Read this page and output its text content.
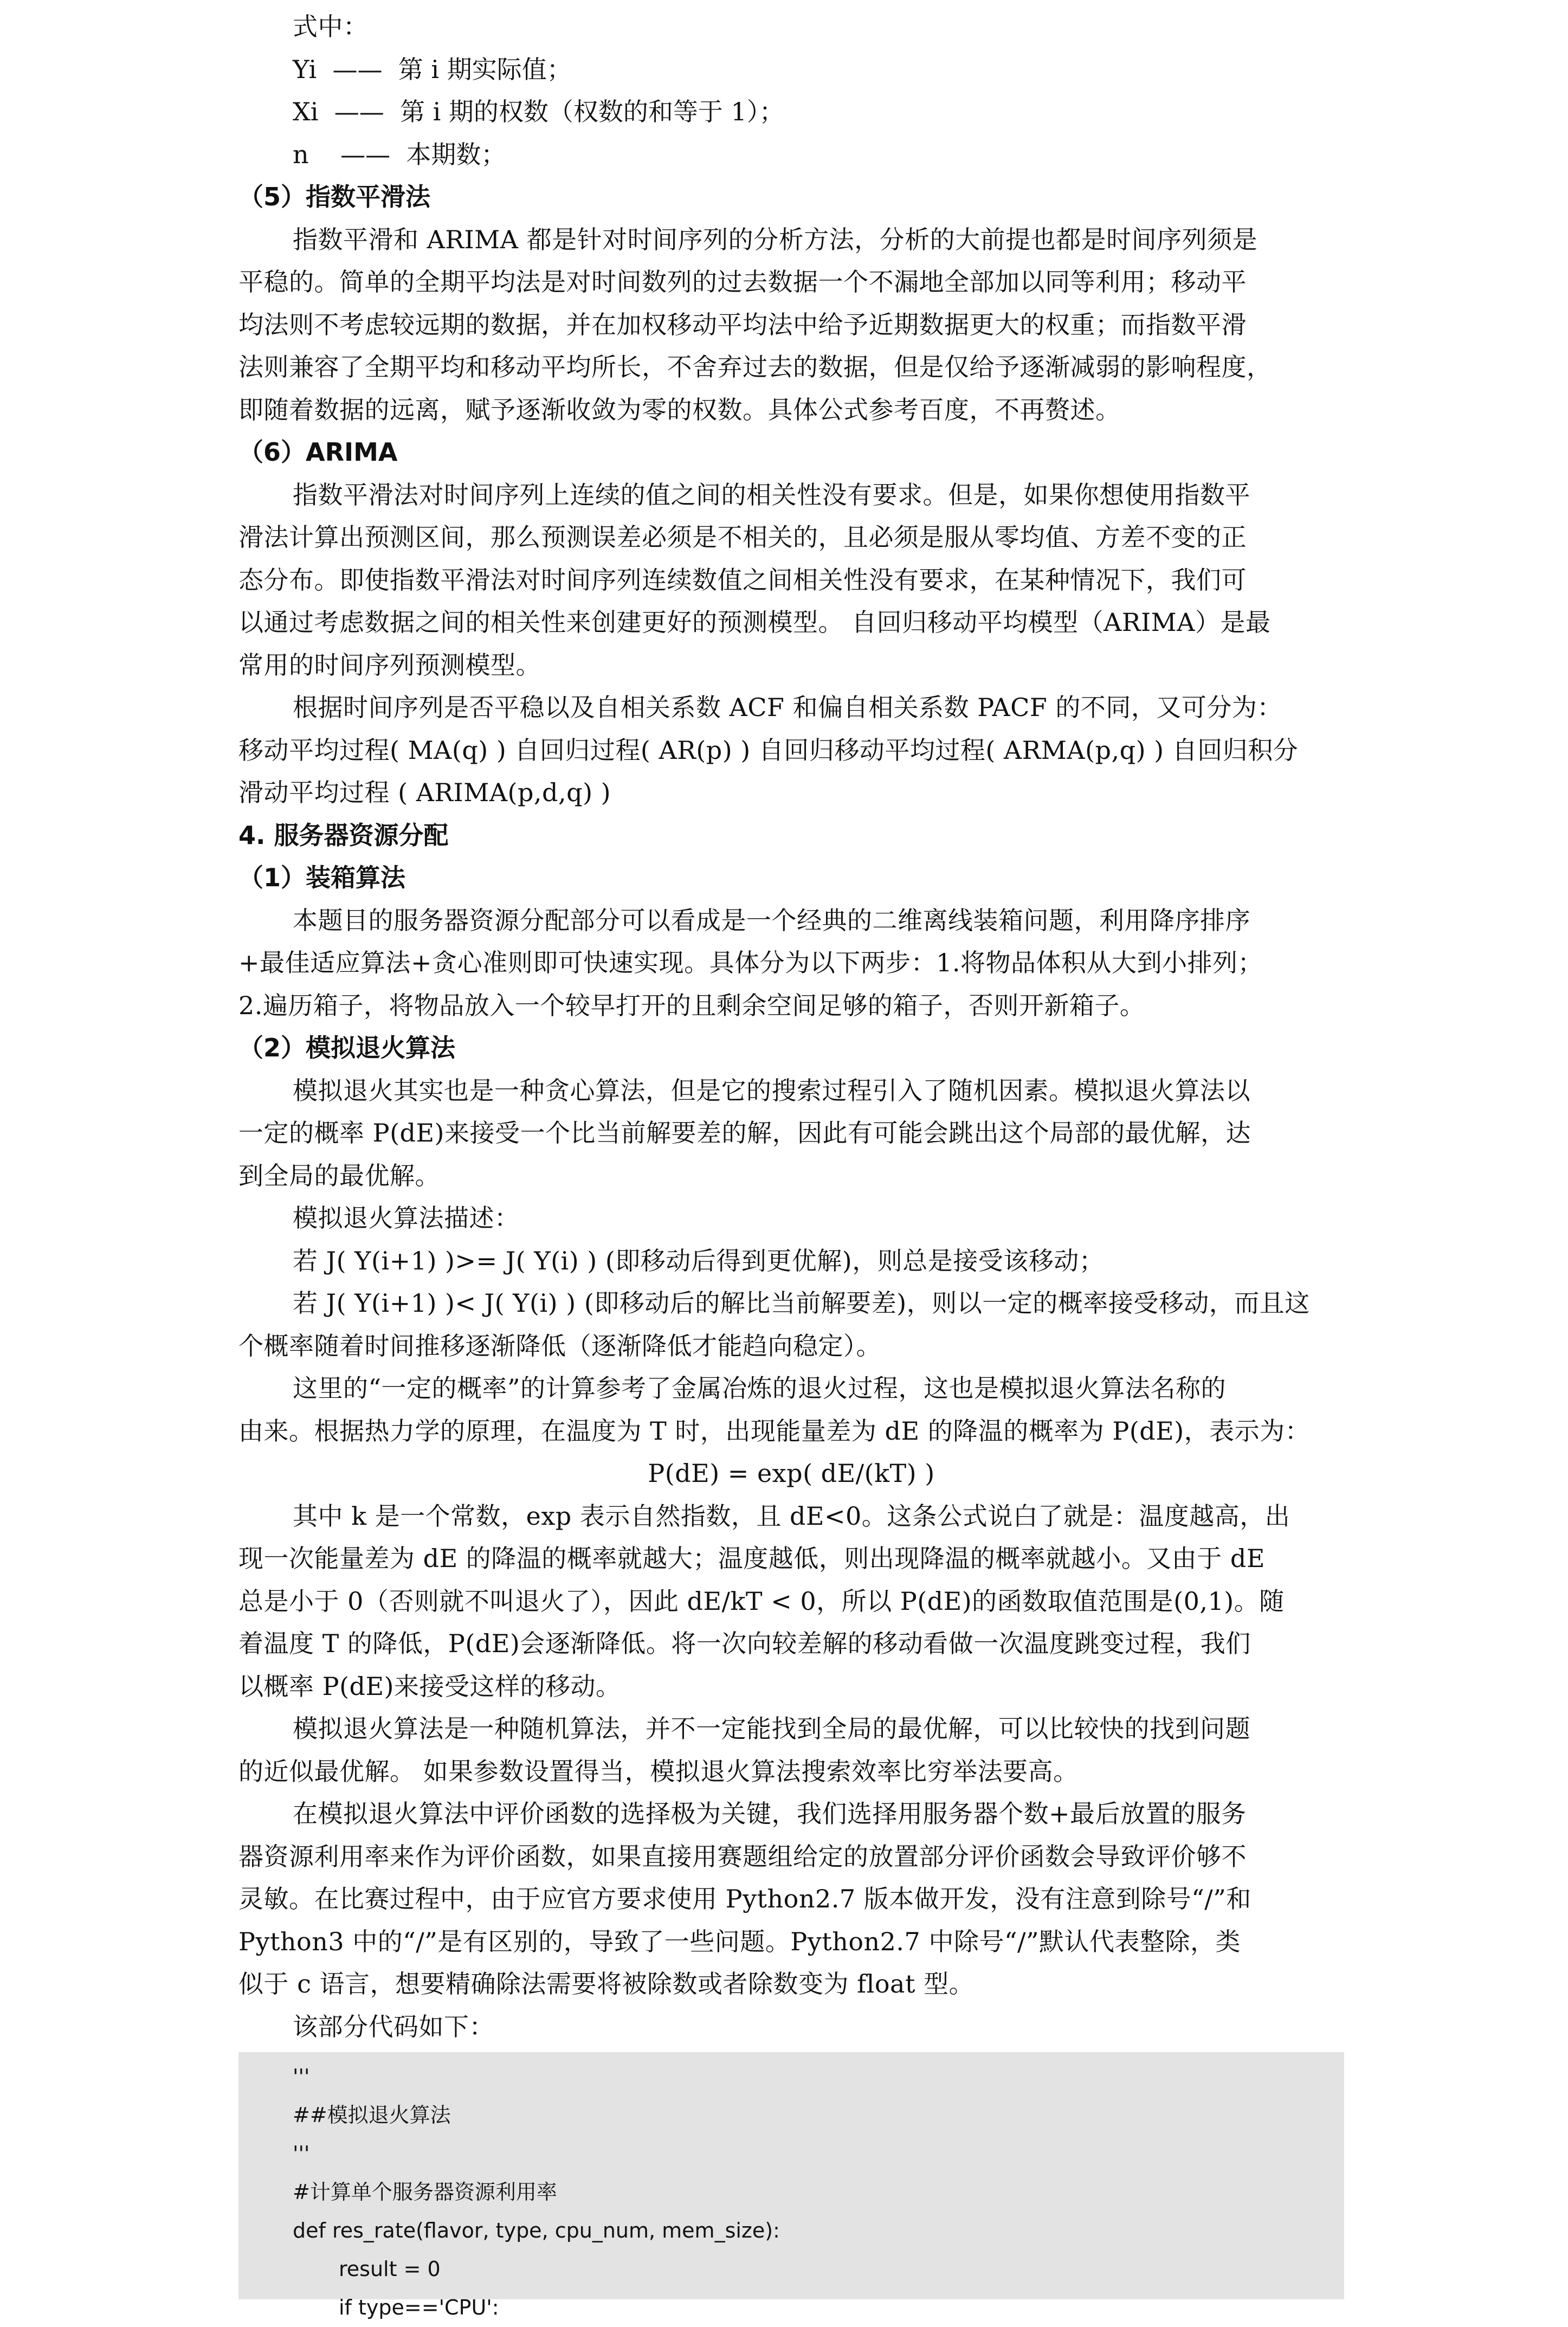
式中：
Yi  ——  第 i 期实际值；
Xi  ——  第 i 期的权数（权数的和等于 1）；
n    ——  本期数；
（5）指数平滑法
指数平滑和 ARIMA 都是针对时间序列的分析方法，分析的大前提也都是时间序列须是
平稳的。简单的全期平均法是对时间数列的过去数据一个不漏地全部加以同等利用；移动平
均法则不考虑较远期的数据，并在加权移动平均法中给予近期数据更大的权重；而指数平滑
法则兼容了全期平均和移动平均所长，不舍弃过去的数据，但是仅给予逐渐减弱的影响程度，
即随着数据的远离，赋予逐渐收敛为零的权数。具体公式参考百度，不再赘述。
（6）ARIMA
指数平滑法对时间序列上连续的值之间的相关性没有要求。但是，如果你想使用指数平
滑法计算出预测区间，那么预测误差必须是不相关的，且必须是服从零均值、方差不变的正
态分布。即使指数平滑法对时间序列连续数值之间相关性没有要求，在某种情况下，我们可
以通过考虑数据之间的相关性来创建更好的预测模型。 自回归移动平均模型（ARIMA）是最
常用的时间序列预测模型。
根据时间序列是否平稳以及自相关系数 ACF 和偏自相关系数 PACF 的不同，又可分为：
移动平均过程( MA(q) ) 自回归过程( AR(p) ) 自回归移动平均过程( ARMA(p,q) ) 自回归积分
滑动平均过程 ( ARIMA(p,d,q) )
4. 服务器资源分配
（1）装箱算法
本题目的服务器资源分配部分可以看成是一个经典的二维离线装箱问题，利用降序排序
+最佳适应算法+贪心准则即可快速实现。具体分为以下两步：1.将物品体积从大到小排列；
2.遍历箱子，将物品放入一个较早打开的且剩余空间足够的箱子，否则开新箱子。
（2）模拟退火算法
模拟退火其实也是一种贪心算法，但是它的搜索过程引入了随机因素。模拟退火算法以
一定的概率 P(dE)来接受一个比当前解要差的解，因此有可能会跳出这个局部的最优解，达
到全局的最优解。
模拟退火算法描述：
若 J( Y(i+1) )>= J( Y(i) ) (即移动后得到更优解)，则总是接受该移动；
若 J( Y(i+1) )< J( Y(i) ) (即移动后的解比当前解要差)，则以一定的概率接受移动，而且这
个概率随着时间推移逐渐降低（逐渐降低才能趋向稳定）。
这里的“一定的概率”的计算参考了金属冶炼的退火过程，这也是模拟退火算法名称的
由来。根据热力学的原理，在温度为 T 时，出现能量差为 dE 的降温的概率为 P(dE)，表示为：
P(dE) = exp( dE/(kT) )
其中 k 是一个常数，exp 表示自然指数，且 dE<0。这条公式说白了就是：温度越高，出
现一次能量差为 dE 的降温的概率就越大；温度越低，则出现降温的概率就越小。又由于 dE
总是小于 0（否则就不叫退火了），因此 dE/kT < 0，所以 P(dE)的函数取值范围是(0,1)。随
着温度 T 的降低，P(dE)会逐渐降低。将一次向较差解的移动看做一次温度跳变过程，我们
以概率 P(dE)来接受这样的移动。
模拟退火算法是一种随机算法，并不一定能找到全局的最优解，可以比较快的找到问题
的近似最优解。 如果参数设置得当，模拟退火算法搜索效率比穷举法要高。
在模拟退火算法中评价函数的选择极为关键，我们选择用服务器个数+最后放置的服务
器资源利用率来作为评价函数，如果直接用赛题组给定的放置部分评价函数会导致评价够不
灵敏。在比赛过程中，由于应官方要求使用 Python2.7 版本做开发，没有注意到除号“/”和
Python3 中的“/”是有区别的，导致了一些问题。Python2.7 中除号“/”默认代表整除，类
似于 c 语言，想要精确除法需要将被除数或者除数变为 float 型。
该部分代码如下：
'''
##模拟退火算法
'''
#计算单个服务器资源利用率
def res_rate(flavor, type, cpu_num, mem_size):
result = 0
if type=='CPU':
